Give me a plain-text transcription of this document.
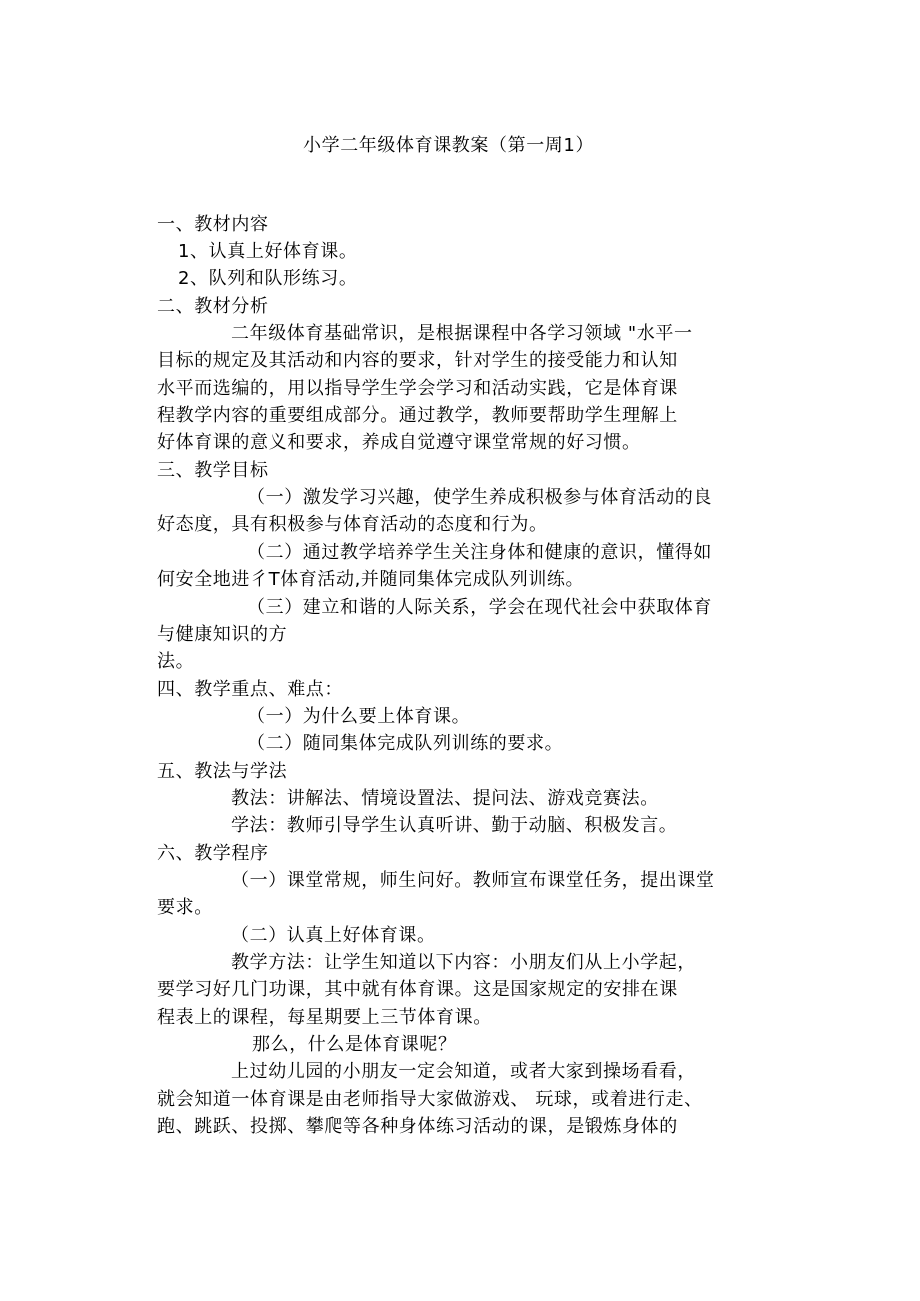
小学二年级体育课教案（第一周1）
一、教材内容
1、认真上好体育课。
2、队列和队形练习。
二、教材分析
二年级体育基础常识，是根据课程中各学习领域 "水平一
目标的规定及其活动和内容的要求，针对学生的接受能力和认知
水平而选编的，用以指导学生学会学习和活动实践，它是体育课
程教学内容的重要组成部分。通过教学，教师要帮助学生理解上
好体育课的意义和要求，养成自觉遵守课堂常规的好习惯。
三、教学目标
（一）激发学习兴趣，使学生养成积极参与体育活动的良
好态度，具有积极参与体育活动的态度和行为。
（二）通过教学培养学生关注身体和健康的意识，懂得如
何安全地进彳T体育活动,并随同集体完成队列训练。
（三）建立和谐的人际关系，学会在现代社会中获取体育
与健康知识的方
法。
四、教学重点、难点：
（一）为什么要上体育课。
（二）随同集体完成队列训练的要求。
五、教法与学法
教法：讲解法、情境设置法、提问法、游戏竞赛法。
学法：教师引导学生认真听讲、勤于动脑、积极发言。
六、教学程序
（一）课堂常规，师生问好。教师宣布课堂任务，提出课堂
要求。
（二）认真上好体育课。
教学方法：让学生知道以下内容：小朋友们从上小学起，
要学习好几门功课，其中就有体育课。这是国家规定的安排在课
程表上的课程，每星期要上三节体育课。
那么，什么是体育课呢？
上过幼儿园的小朋友一定会知道，或者大家到操场看看，
就会知道一体育课是由老师指导大家做游戏、 玩球，或着进行走、
跑、跳跃、投掷、攀爬等各种身体练习活动的课，是锻炼身体的
